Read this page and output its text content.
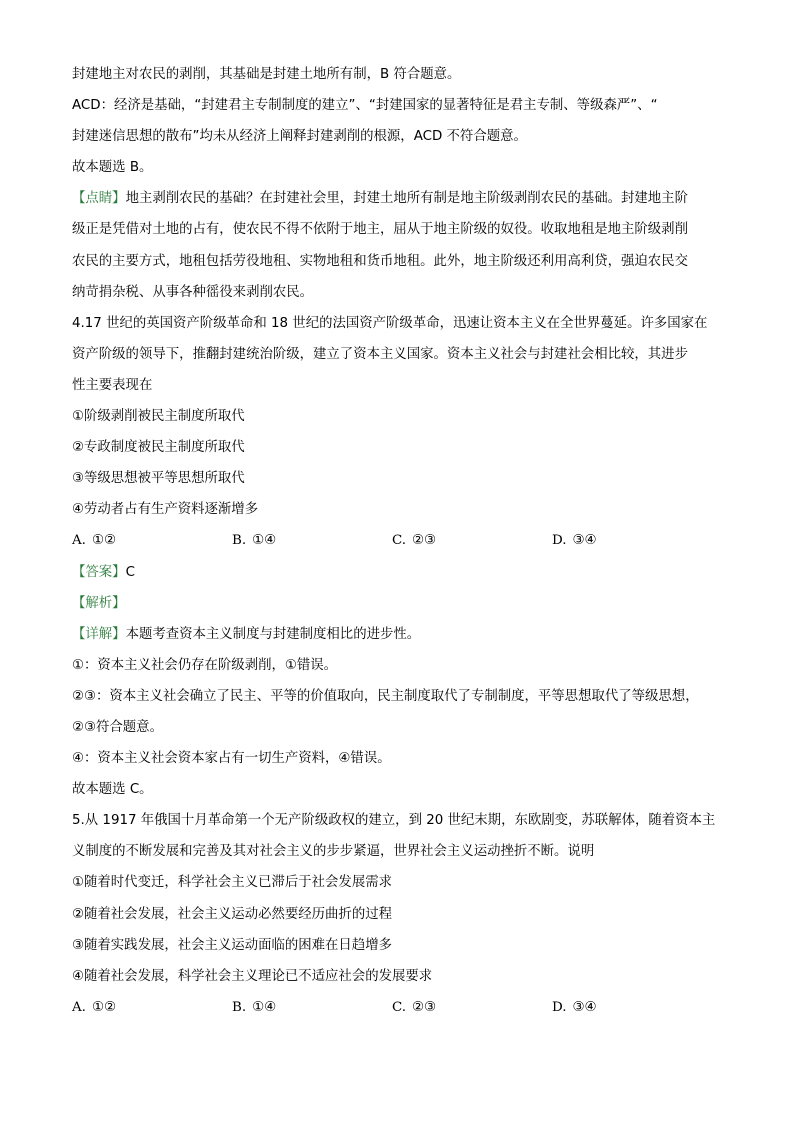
封建地主对农民的剥削，其基础是封建土地所有制，B 符合题意。
ACD：经济是基础，“封建君主专制制度的建立”、“封建国家的显著特征是君主专制、等级森严”、“
封建迷信思想的散布”均未从经济上阐释封建剥削的根源，ACD 不符合题意。
故本题选 B。
【点睛】地主剥削农民的基础？在封建社会里，封建土地所有制是地主阶级剥削农民的基础。封建地主阶
级正是凭借对土地的占有，使农民不得不依附于地主，屈从于地主阶级的奴役。收取地租是地主阶级剥削
农民的主要方式，地租包括劳役地租、实物地租和货币地租。此外，地主阶级还利用高利贷，强迫农民交
纳苛捐杂税、从事各种徭役来剥削农民。
4.17 世纪的英国资产阶级革命和 18 世纪的法国资产阶级革命，迅速让资本主义在全世界蔓延。许多国家在
资产阶级的领导下，推翻封建统治阶级，建立了资本主义国家。资本主义社会与封建社会相比较，其进步
性主要表现在
①阶级剥削被民主制度所取代
②专政制度被民主制度所取代
③等级思想被平等思想所取代
④劳动者占有生产资料逐渐增多
A. ①②	B. ①④	C. ②③	D. ③④
【答案】C
【解析】
【详解】本题考查资本主义制度与封建制度相比的进步性。
①：资本主义社会仍存在阶级剥削，①错误。
②③：资本主义社会确立了民主、平等的价值取向，民主制度取代了专制制度，平等思想取代了等级思想，
②③符合题意。
④：资本主义社会资本家占有一切生产资料，④错误。
故本题选 C。
5.从 1917 年俄国十月革命第一个无产阶级政权的建立，到 20 世纪末期，东欧剧变，苏联解体，随着资本主
义制度的不断发展和完善及其对社会主义的步步紧逼，世界社会主义运动挫折不断。说明
①随着时代变迁，科学社会主义已滞后于社会发展需求
②随着社会发展，社会主义运动必然要经历曲折的过程
③随着实践发展，社会主义运动面临的困难在日趋增多
④随着社会发展，科学社会主义理论已不适应社会的发展要求
A. ①②	B. ①④	C. ②③	D. ③④
